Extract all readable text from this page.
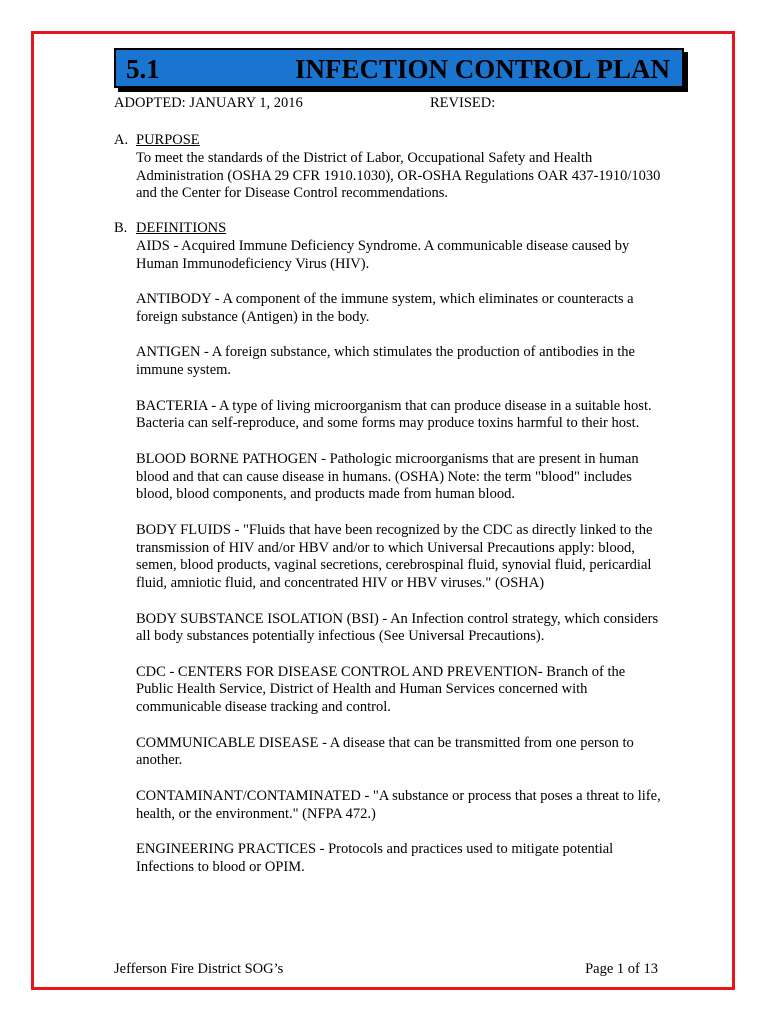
5.1	INFECTION CONTROL PLAN
ADOPTED: JANUARY 1, 2016	REVISED:
A. PURPOSE
To meet the standards of the District of Labor, Occupational Safety and Health Administration (OSHA 29 CFR 1910.1030), OR-OSHA Regulations OAR 437-1910/1030 and the Center for Disease Control recommendations.
B. DEFINITIONS
AIDS - Acquired Immune Deficiency Syndrome. A communicable disease caused by Human Immunodeficiency Virus (HIV).
ANTIBODY - A component of the immune system, which eliminates or counteracts a foreign substance (Antigen) in the body.
ANTIGEN - A foreign substance, which stimulates the production of antibodies in the immune system.
BACTERIA - A type of living microorganism that can produce disease in a suitable host. Bacteria can self-reproduce, and some forms may produce toxins harmful to their host.
BLOOD BORNE PATHOGEN - Pathologic microorganisms that are present in human blood and that can cause disease in humans. (OSHA) Note: the term "blood" includes blood, blood components, and products made from human blood.
BODY FLUIDS - "Fluids that have been recognized by the CDC as directly linked to the transmission of HIV and/or HBV and/or to which Universal Precautions apply: blood, semen, blood products, vaginal secretions, cerebrospinal fluid, synovial fluid, pericardial fluid, amniotic fluid, and concentrated HIV or HBV viruses." (OSHA)
BODY SUBSTANCE ISOLATION (BSI) - An Infection control strategy, which considers all body substances potentially infectious (See Universal Precautions).
CDC - CENTERS FOR DISEASE CONTROL AND PREVENTION- Branch of the Public Health Service, District of Health and Human Services concerned with communicable disease tracking and control.
COMMUNICABLE DISEASE - A disease that can be transmitted from one person to another.
CONTAMINANT/CONTAMINATED - "A substance or process that poses a threat to life, health, or the environment." (NFPA 472.)
ENGINEERING PRACTICES - Protocols and practices used to mitigate potential Infections to blood or OPIM.
Jefferson Fire District SOG’s	Page 1 of 13
